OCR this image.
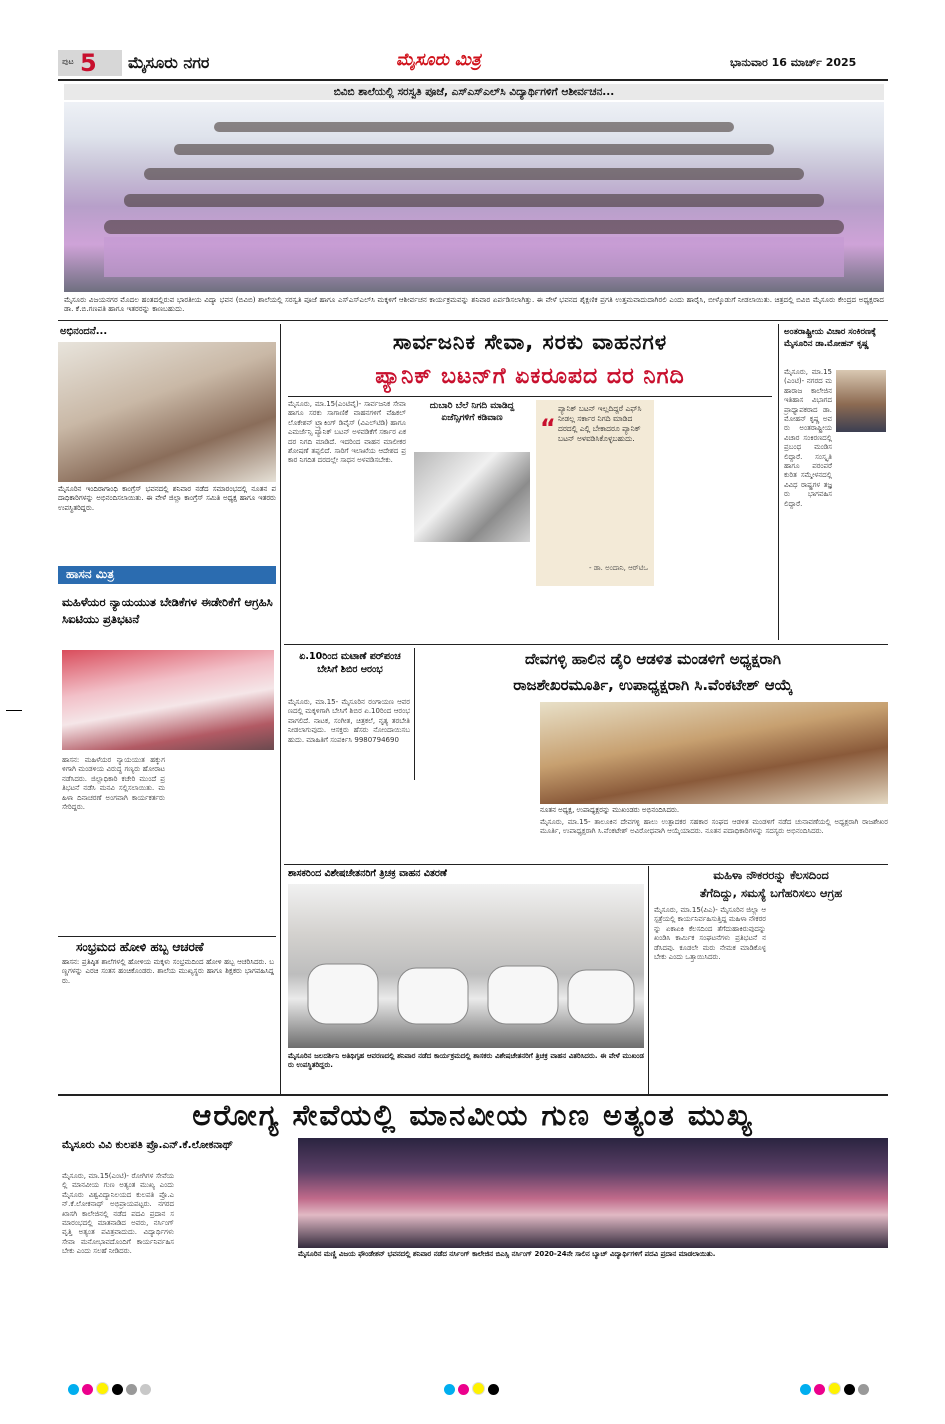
ಪುಟ 5 ಮೈಸೂರು ನಗರ	ಮೈಸೂರು ಮಿತ್ರ	ಭಾನುವಾರ 16 ಮಾರ್ಚ್ 2025
ಬಿವಿಬಿ ಶಾಲೆಯಲ್ಲಿ ಸರಸ್ವತಿ ಪೂಜೆ, ಎಸ್‌ಎಸ್‌ಎಲ್‌ಸಿ ವಿದ್ಯಾರ್ಥಿಗಳಿಗೆ ಆಶೀರ್ವಚನ...
ಮೈಸೂರು ವಿಜಯನಗರ ಮೊದಲ ಹಂತದಲ್ಲಿರುವ ಭಾರತೀಯ ವಿದ್ಯಾ ಭವನ (ಬಿವಿಬಿ) ಶಾಲೆಯಲ್ಲಿ ಸರಸ್ವತಿ ಪೂಜೆ ಹಾಗೂ ಎಸ್‌ಎಸ್‌ಎಲ್‌ಸಿ ಮಕ್ಕಳಿಗೆ ಆಶೀರ್ವಚನ ಕಾರ್ಯಕ್ರಮವನ್ನು ಶನಿವಾರ ಏರ್ಪಡಿಸಲಾಗಿತ್ತು. ಈ ವೇಳೆ ಭವನದ ಶೈಕ್ಷಣಿಕ ಪ್ರಗತಿ ಉತ್ತಮವಾದುದಾಗಿರಲಿ ಎಂದು ಹಾರೈಸಿ, ಬೀಳ್ಕೊಡುಗೆ ನೀಡಲಾಯಿತು. ಚಿತ್ರದಲ್ಲಿ ಬಿವಿಬಿ ಮೈಸೂರು ಕೇಂದ್ರದ ಅಧ್ಯಕ್ಷರಾದ ಡಾ. ಕೆ.ಬಿ.ಗಣಪತಿ ಹಾಗೂ ಇತರರನ್ನು ಕಾಣಬಹುದು.
ಅಭಿನಂದನೆ...
ಮೈಸೂರಿನ ಇಂದಿರಾಗಾಂಧಿ ಕಾಂಗ್ರೆಸ್ ಭವನದಲ್ಲಿ ಶನಿವಾರ ನಡೆದ ಸಮಾರಂಭದಲ್ಲಿ ನೂತನ ಪದಾಧಿಕಾರಿಗಳನ್ನು ಅಭಿನಂದಿಸಲಾಯಿತು. ಈ ವೇಳೆ ಜಿಲ್ಲಾ ಕಾಂಗ್ರೆಸ್ ಸಮಿತಿ ಅಧ್ಯಕ್ಷ ಹಾಗೂ ಇತರರು ಉಪಸ್ಥಿತರಿದ್ದರು.
ಹಾಸನ ಮಿತ್ರ
ಮಹಿಳೆಯರ ನ್ಯಾಯಯುತ ಬೇಡಿಕೆಗಳ ಈಡೇರಿಕೆಗೆ ಆಗ್ರಹಿಸಿ ಸಿಐಟಿಯು ಪ್ರತಿಭಟನೆ
ಹಾಸನ: ಮಹಿಳೆಯರ ನ್ಯಾಯಯುತ ಹಕ್ಕುಗಳಿಗಾಗಿ ಮಂಡಳಿಯ ವಿರುದ್ಧ ಗಣ್ಯರು ಹೋರಾಟ ನಡೆಸಿದರು. ಜಿಲ್ಲಾಧಿಕಾರಿ ಕಚೇರಿ ಮುಂದೆ ಪ್ರತಿಭಟನೆ ನಡೆಸಿ ಮನವಿ ಸಲ್ಲಿಸಲಾಯಿತು. ಮಹಿಳಾ ದಿನಾಚರಣೆ ಅಂಗವಾಗಿ ಕಾರ್ಯಕರ್ತರು ಸೇರಿದ್ದರು.
ಸಂಭ್ರಮದ ಹೋಳಿ ಹಬ್ಬ ಆಚರಣೆ
ಹಾಸನ: ಪ್ರತಿಷ್ಠಿತ ಶಾಲೆಗಳಲ್ಲಿ ಹೋಳಿಯ ಮಕ್ಕಳು ಸಂಭ್ರಮದಿಂದ ಹೋಳಿ ಹಬ್ಬ ಆಚರಿಸಿದರು. ಬಣ್ಣಗಳನ್ನು ಎರಚಿ ಸಂತಸ ಹಂಚಿಕೊಂಡರು. ಶಾಲೆಯ ಮುಖ್ಯಸ್ಥರು ಹಾಗೂ ಶಿಕ್ಷಕರು ಭಾಗವಹಿಸಿದ್ದರು.
ಸಾರ್ವಜನಿಕ ಸೇವಾ, ಸರಕು ವಾಹನಗಳ
ಪ್ಯಾನಿಕ್ ಬಟನ್‌ಗೆ ಏಕರೂಪದ ದರ ನಿಗದಿ
ಮೈಸೂರು, ಮಾ.15(ಎಂಟಿವೈ)- ಸಾರ್ವಜನಿಕ ಸೇವಾ ಹಾಗೂ ಸರಕು ಸಾಗಾಣಿಕೆ ವಾಹನಗಳಿಗೆ ವೆಹಿಕಲ್ ಲೊಕೇಶನ್ ಟ್ರ್ಯಾಕಿಂಗ್ ಡಿವೈಸ್ (ವಿಎಲ್‌ಟಿಡಿ) ಹಾಗೂ ಎಮರ್ಜೆನ್ಸಿ ಪ್ಯಾನಿಕ್ ಬಟನ್ ಅಳವಡಿಕೆಗೆ ಸರ್ಕಾರ ಏಕ ದರ ನಿಗದಿ ಮಾಡಿದೆ. ಇದರಿಂದ ವಾಹನ ಮಾಲೀಕರ ಶೋಷಣೆ ತಪ್ಪಲಿದೆ. ಸಾರಿಗೆ ಇಲಾಖೆಯ ಆದೇಶದ ಪ್ರಕಾರ ನಿಗದಿತ ದರದಲ್ಲೇ ಸಾಧನ ಅಳವಡಿಸಬೇಕು.
ದುಬಾರಿ ಬೆಲೆ ನಿಗದಿ ಮಾಡಿದ್ದ ಏಜೆನ್ಸಿಗಳಿಗೆ ಕಡಿವಾಣ	“
ಪ್ಯಾನಿಕ್ ಬಟನ್ ಇಲ್ಲದಿದ್ದರೆ ಎಫ್‌ಸಿ ನೀಡಲ್ಲ ಸರ್ಕಾರ ನಿಗದಿ ಮಾಡಿದ ದರದಲ್ಲಿ ಎಲ್ಲಿ ಬೇಕಾದರೂ ಪ್ಯಾನಿಕ್ ಬಟನ್ ಅಳವಡಿಸಿಕೊಳ್ಳಬಹುದು.
- ಡಾ. ಅಂದಾನಿ, ಆರ್‌ಟಿಒ
ಅಂತರಾಷ್ಟ್ರೀಯ ವಿಚಾರ ಸಂಕಿರಣಕ್ಕೆ ಮೈಸೂರಿನ ಡಾ.ಮೋಹನ್ ಕೃಷ್ಣ
ಮೈಸೂರು, ಮಾ.15(ಎಂಟಿ)- ನಗರದ ಮಹಾರಾಜ ಕಾಲೇಜಿನ ಇತಿಹಾಸ ವಿಭಾಗದ ಪ್ರಾಧ್ಯಾಪಕರಾದ ಡಾ.ಮೋಹನ್ ಕೃಷ್ಣ ಅವರು ಅಂತರಾಷ್ಟ್ರೀಯ ವಿಚಾರ ಸಂಕಿರಣದಲ್ಲಿ ಪ್ರಬಂಧ ಮಂಡಿಸಲಿದ್ದಾರೆ. ಸಂಸ್ಕೃತಿ ಹಾಗೂ ಪರಂಪರೆ ಕುರಿತ ಸಮ್ಮೇಳನದಲ್ಲಿ ವಿವಿಧ ರಾಷ್ಟ್ರಗಳ ತಜ್ಞರು ಭಾಗವಹಿಸಲಿದ್ದಾರೆ.
ಏ.10ರಿಂದ ಮಟಾಣೆ ಪರ್‌ಪಂಚ ಬೇಸಿಗೆ ಶಿಬಿರ ಆರಂಭ
ಮೈಸೂರು, ಮಾ.15- ಮೈಸೂರಿನ ರಂಗಾಯಣ ಆವರಣದಲ್ಲಿ ಮಕ್ಕಳಿಗಾಗಿ ಬೇಸಿಗೆ ಶಿಬಿರ ಏ.10ರಿಂದ ಆರಂಭವಾಗಲಿದೆ. ನಾಟಕ, ಸಂಗೀತ, ಚಿತ್ರಕಲೆ, ನೃತ್ಯ ತರಬೇತಿ ನೀಡಲಾಗುವುದು. ಆಸಕ್ತರು ಹೆಸರು ನೋಂದಾಯಿಸಬಹುದು. ಮಾಹಿತಿಗೆ ಸಂಪರ್ಕಿಸಿ 9980794690
ದೇವಗಳ್ಳಿ ಹಾಲಿನ ಡೈರಿ ಆಡಳಿತ ಮಂಡಳಿಗೆ ಅಧ್ಯಕ್ಷರಾಗಿ
ರಾಜಶೇಖರಮೂರ್ತಿ, ಉಪಾಧ್ಯಕ್ಷರಾಗಿ ಸಿ.ವೆಂಕಟೇಶ್ ಆಯ್ಕೆ
ನೂತನ ಅಧ್ಯಕ್ಷ, ಉಪಾಧ್ಯಕ್ಷರನ್ನು ಮುಖಂಡರು ಅಭಿನಂದಿಸಿದರು.
ಮೈಸೂರು, ಮಾ.15- ತಾಲೂಕಿನ ದೇವಗಳ್ಳಿ ಹಾಲು ಉತ್ಪಾದಕರ ಸಹಕಾರ ಸಂಘದ ಆಡಳಿತ ಮಂಡಳಿಗೆ ನಡೆದ ಚುನಾವಣೆಯಲ್ಲಿ ಅಧ್ಯಕ್ಷರಾಗಿ ರಾಜಶೇಖರಮೂರ್ತಿ, ಉಪಾಧ್ಯಕ್ಷರಾಗಿ ಸಿ.ವೆಂಕಟೇಶ್ ಅವಿರೋಧವಾಗಿ ಆಯ್ಕೆಯಾದರು. ನೂತನ ಪದಾಧಿಕಾರಿಗಳನ್ನು ಸದಸ್ಯರು ಅಭಿನಂದಿಸಿದರು.
ಶಾಸಕರಿಂದ ವಿಶೇಷಚೇತನರಿಗೆ ತ್ರಿಚಕ್ರ ವಾಹನ ವಿತರಣೆ
ಮೈಸೂರಿನ ಜಲದರ್ಶಿನಿ ಅತಿಥಿಗೃಹ ಆವರಣದಲ್ಲಿ ಶನಿವಾರ ನಡೆದ ಕಾರ್ಯಕ್ರಮದಲ್ಲಿ ಶಾಸಕರು ವಿಶೇಷಚೇತನರಿಗೆ ತ್ರಿಚಕ್ರ ವಾಹನ ವಿತರಿಸಿದರು. ಈ ವೇಳೆ ಮುಖಂಡರು ಉಪಸ್ಥಿತರಿದ್ದರು.
ಮಹಿಳಾ ನೌಕರರನ್ನು ಕೆಲಸದಿಂದ
ತೆಗೆದಿದ್ದು, ಸಮಸ್ಯೆ ಬಗೆಹರಿಸಲು ಆಗ್ರಹ
ಮೈಸೂರು, ಮಾ.15(ಪಿಎ)- ಮೈಸೂರಿನ ಜಿಲ್ಲಾ ಆಸ್ಪತ್ರೆಯಲ್ಲಿ ಕಾರ್ಯನಿರ್ವಹಿಸುತ್ತಿದ್ದ ಮಹಿಳಾ ನೌಕರರನ್ನು ಏಕಾಏಕಿ ಕೆಲಸದಿಂದ ತೆಗೆದುಹಾಕಿರುವುದನ್ನು ಖಂಡಿಸಿ ಕಾರ್ಮಿಕ ಸಂಘಟನೆಗಳು ಪ್ರತಿಭಟನೆ ನಡೆಸಿದವು. ಕೂಡಲೇ ಮರು ನೇಮಕ ಮಾಡಿಕೊಳ್ಳಬೇಕು ಎಂದು ಒತ್ತಾಯಿಸಿದರು.
ಆರೋಗ್ಯ ಸೇವೆಯಲ್ಲಿ ಮಾನವೀಯ ಗುಣ ಅತ್ಯಂತ ಮುಖ್ಯ
ಮೈಸೂರು ವಿವಿ ಕುಲಪತಿ ಪ್ರೊ.ಎನ್.ಕೆ.ಲೋಕನಾಥ್
ಮೈಸೂರು, ಮಾ.15(ಎಂಟಿ)- ರೋಗಿಗಳ ಸೇವೆಯಲ್ಲಿ ಮಾನವೀಯ ಗುಣ ಅತ್ಯಂತ ಮುಖ್ಯ ಎಂದು ಮೈಸೂರು ವಿಶ್ವವಿದ್ಯಾನಿಲಯದ ಕುಲಪತಿ ಪ್ರೊ.ಎನ್.ಕೆ.ಲೋಕನಾಥ್ ಅಭಿಪ್ರಾಯಪಟ್ಟರು. ನಗರದ ಖಾಸಗಿ ಕಾಲೇಜಿನಲ್ಲಿ ನಡೆದ ಪದವಿ ಪ್ರದಾನ ಸಮಾರಂಭದಲ್ಲಿ ಮಾತನಾಡಿದ ಅವರು, ನರ್ಸಿಂಗ್ ವೃತ್ತಿ ಅತ್ಯಂತ ಪವಿತ್ರವಾದುದು. ವಿದ್ಯಾರ್ಥಿಗಳು ಸೇವಾ ಮನೋಭಾವದೊಂದಿಗೆ ಕಾರ್ಯನಿರ್ವಹಿಸಬೇಕು ಎಂದು ಸಲಹೆ ನೀಡಿದರು.	ಮೈಸೂರಿನ ಮಣ್ಣಿ ವಿಜಯ ಫೌಂಡೇಶನ್ ಭವನದಲ್ಲಿ ಶನಿವಾರ ನಡೆದ ನರ್ಸಿಂಗ್ ಕಾಲೇಜಿನ ಬಿಎಸ್ಸಿ ನರ್ಸಿಂಗ್ 2020-24ನೇ ಸಾಲಿನ ಬ್ಯಾಚ್ ವಿದ್ಯಾರ್ಥಿಗಳಿಗೆ ಪದವಿ ಪ್ರದಾನ ಮಾಡಲಾಯಿತು.
